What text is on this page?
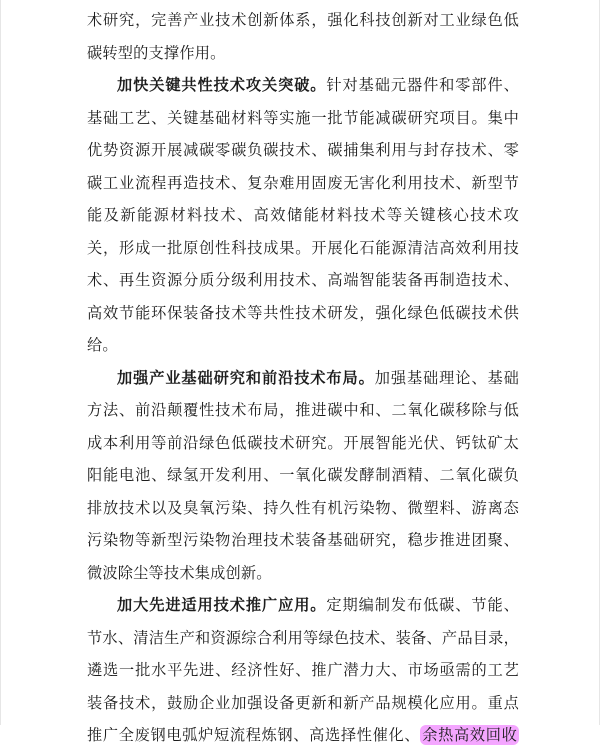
术研究，完善产业技术创新体系，强化科技创新对工业绿色低
碳转型的支撑作用。
加快关键共性技术攻关突破。针对基础元器件和零部件、
基础工艺、关键基础材料等实施一批节能减碳研究项目。集中
优势资源开展减碳零碳负碳技术、碳捕集利用与封存技术、零
碳工业流程再造技术、复杂难用固废无害化利用技术、新型节
能及新能源材料技术、高效储能材料技术等关键核心技术攻
关，形成一批原创性科技成果。开展化石能源清洁高效利用技
术、再生资源分质分级利用技术、高端智能装备再制造技术、
高效节能环保装备技术等共性技术研发，强化绿色低碳技术供
给。
加强产业基础研究和前沿技术布局。加强基础理论、基础
方法、前沿颠覆性技术布局，推进碳中和、二氧化碳移除与低
成本利用等前沿绿色低碳技术研究。开展智能光伏、钙钛矿太
阳能电池、绿氢开发利用、一氧化碳发酵制酒精、二氧化碳负
排放技术以及臭氧污染、持久性有机污染物、微塑料、游离态
污染物等新型污染物治理技术装备基础研究，稳步推进团聚、
微波除尘等技术集成创新。
加大先进适用技术推广应用。定期编制发布低碳、节能、
节水、清洁生产和资源综合利用等绿色技术、装备、产品目录，
遴选一批水平先进、经济性好、推广潜力大、市场亟需的工艺
装备技术，鼓励企业加强设备更新和新产品规模化应用。重点
推广全废钢电弧炉短流程炼钢、高选择性催化、 余热高效回收
